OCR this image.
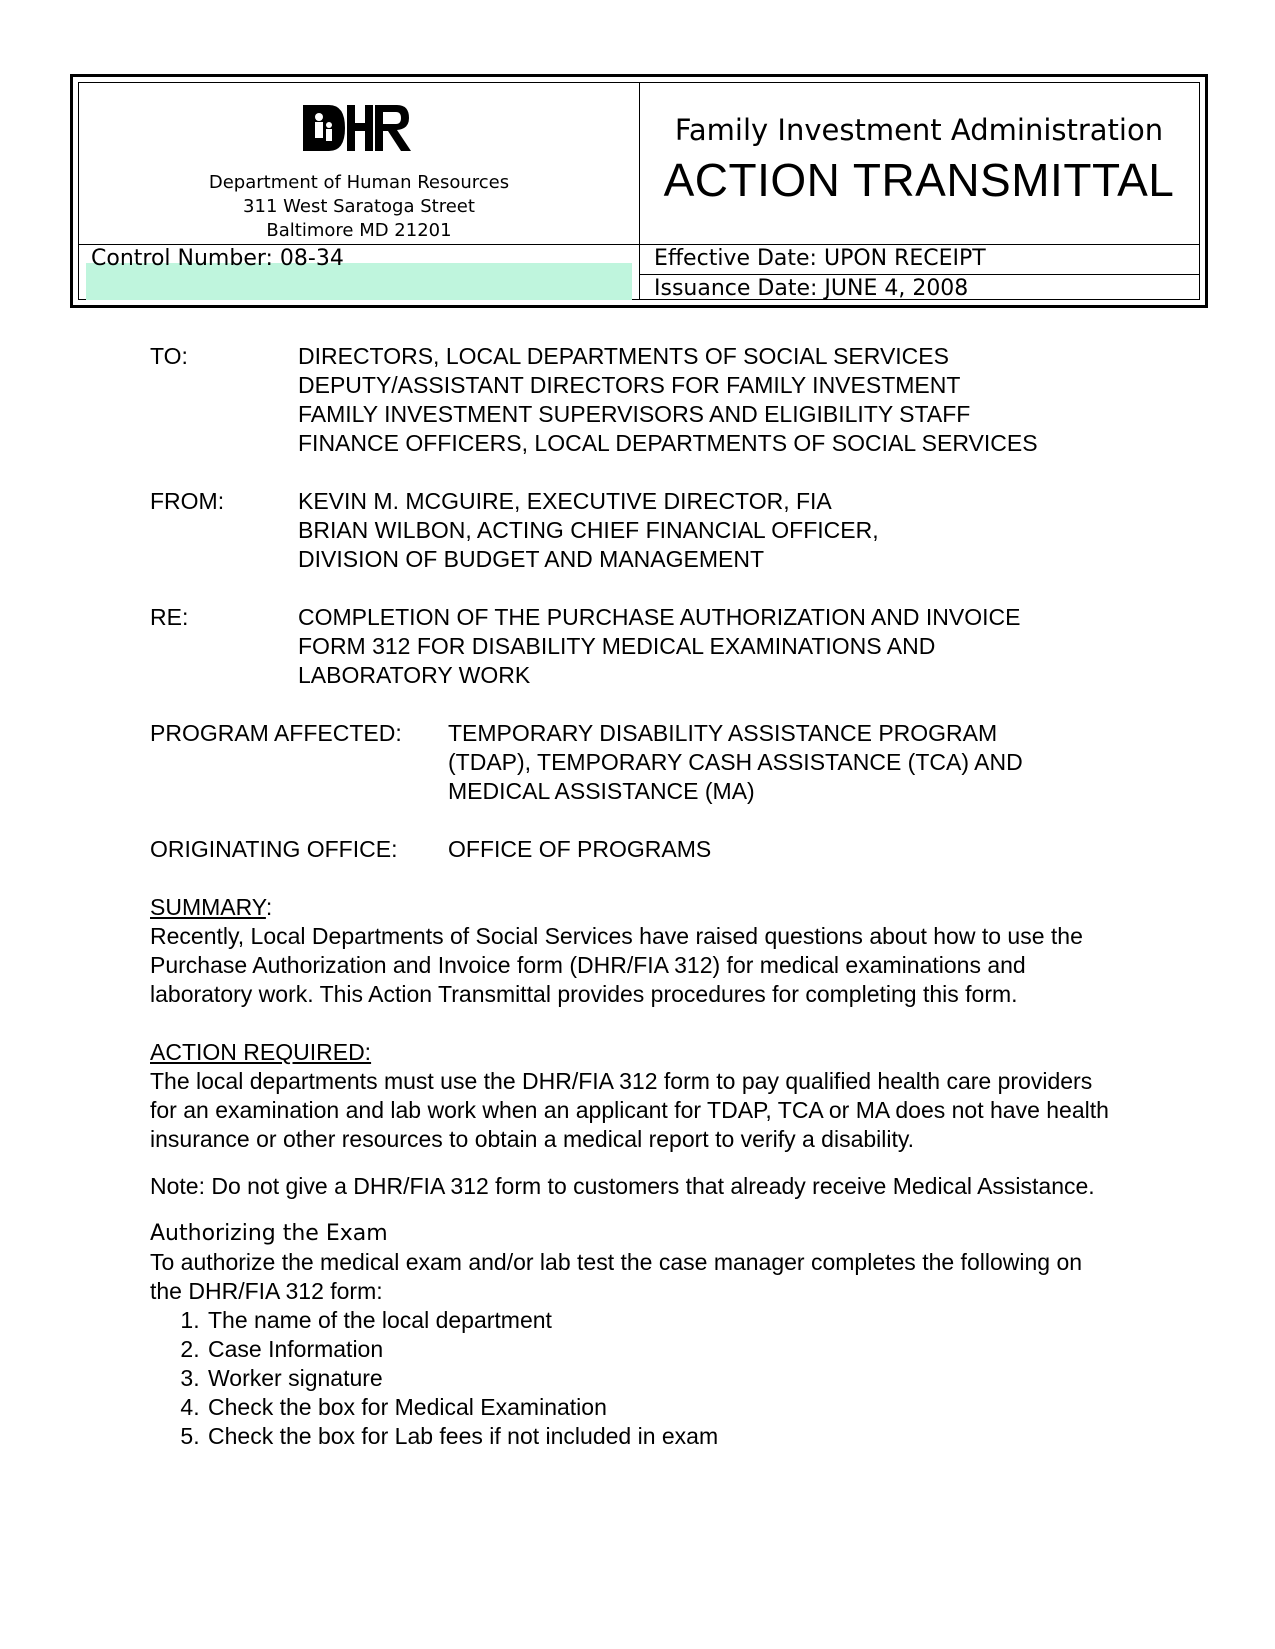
Department of Human Resources
311 West Saratoga Street
Baltimore MD 21201
Family Investment Administration
ACTION TRANSMITTAL
Control Number: 08-34	Effective Date: UPON RECEIPT
Issuance Date: JUNE 4, 2008
TO:	DIRECTORS, LOCAL DEPARTMENTS OF SOCIAL SERVICES
DEPUTY/ASSISTANT DIRECTORS FOR FAMILY INVESTMENT
FAMILY INVESTMENT SUPERVISORS AND ELIGIBILITY STAFF
FINANCE OFFICERS, LOCAL DEPARTMENTS OF SOCIAL SERVICES
FROM:	KEVIN M. MCGUIRE, EXECUTIVE DIRECTOR, FIA
BRIAN WILBON, ACTING CHIEF FINANCIAL OFFICER,
DIVISION OF BUDGET AND MANAGEMENT
RE:	COMPLETION OF THE PURCHASE AUTHORIZATION AND INVOICE
FORM 312 FOR DISABILITY MEDICAL EXAMINATIONS AND
LABORATORY WORK
PROGRAM AFFECTED:	TEMPORARY DISABILITY ASSISTANCE PROGRAM
(TDAP), TEMPORARY CASH ASSISTANCE (TCA) AND
MEDICAL ASSISTANCE (MA)
ORIGINATING OFFICE:	OFFICE OF PROGRAMS
SUMMARY:

Recently, Local Departments of Social Services have raised questions about how to use the Purchase Authorization and Invoice form (DHR/FIA 312) for medical examinations and laboratory work. This Action Transmittal provides procedures for completing this form.

ACTION REQUIRED:

The local departments must use the DHR/FIA 312 form to pay qualified health care providers for an examination and lab work when an applicant for TDAP, TCA or MA does not have health insurance or other resources to obtain a medical report to verify a disability.

Note: Do not give a DHR/FIA 312 form to customers that already receive Medical Assistance.

Authorizing the Exam

To authorize the medical exam and/or lab test the case manager completes the following on the DHR/FIA 312 form:

1. The name of the local department
2. Case Information
3. Worker signature
4. Check the box for Medical Examination
5. Check the box for Lab fees if not included in exam
